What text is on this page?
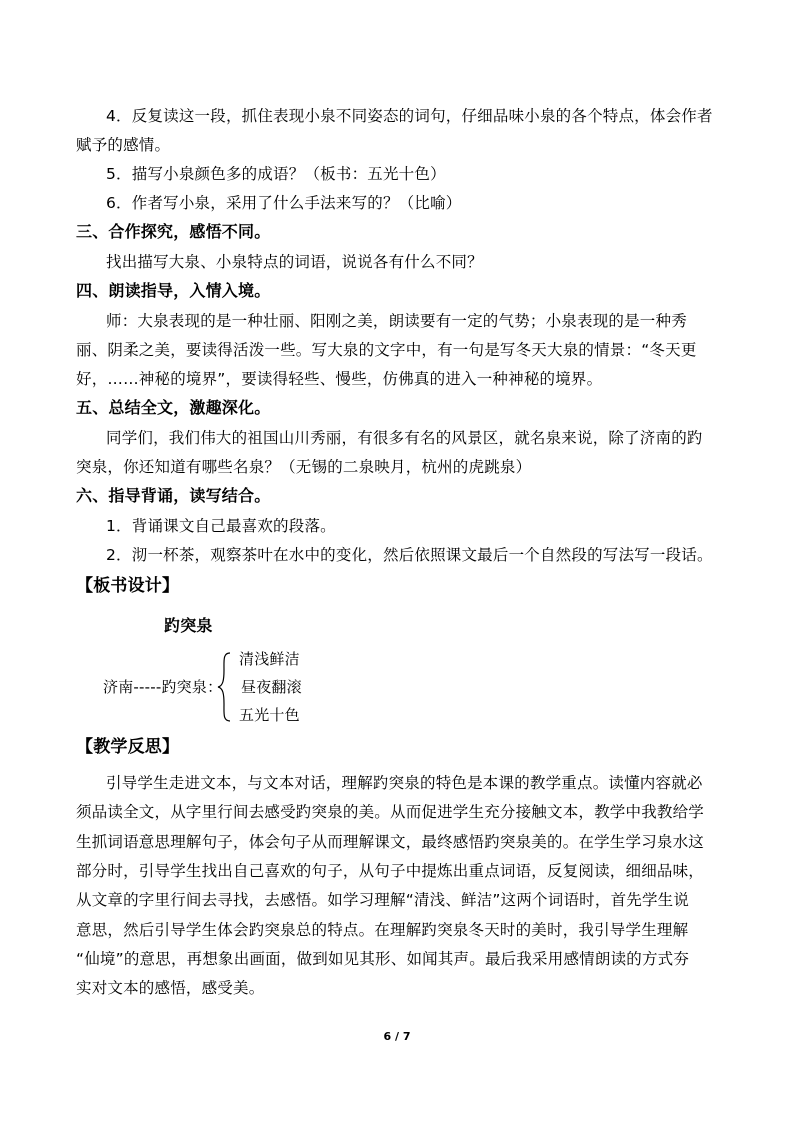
4．反复读这一段，抓住表现小泉不同姿态的词句，仔细品味小泉的各个特点，体会作者
赋予的感情。
5．描写小泉颜色多的成语？（板书：五光十色）
6．作者写小泉，采用了什么手法来写的？（比喻）
三、合作探究，感悟不同。
找出描写大泉、小泉特点的词语，说说各有什么不同？
四、朗读指导，入情入境。
师：大泉表现的是一种壮丽、阳刚之美，朗读要有一定的气势；小泉表现的是一种秀
丽、阴柔之美，要读得活泼一些。写大泉的文字中，有一句是写冬天大泉的情景：“冬天更
好，……神秘的境界”，要读得轻些、慢些，仿佛真的进入一种神秘的境界。
五、总结全文，激趣深化。
同学们，我们伟大的祖国山川秀丽，有很多有名的风景区，就名泉来说，除了济南的趵
突泉，你还知道有哪些名泉？（无锡的二泉映月，杭州的虎跳泉）
六、指导背诵，读写结合。
1．背诵课文自己最喜欢的段落。
2．沏一杯茶，观察茶叶在水中的变化，然后依照课文最后一个自然段的写法写一段话。
【板书设计】
趵突泉
济南-----趵突泉：
清浅鲜洁
昼夜翻滚
五光十色
【教学反思】
引导学生走进文本，与文本对话，理解趵突泉的特色是本课的教学重点。读懂内容就必
须品读全文，从字里行间去感受趵突泉的美。从而促进学生充分接触文本，教学中我教给学
生抓词语意思理解句子，体会句子从而理解课文，最终感悟趵突泉美的。在学生学习泉水这
部分时，引导学生找出自己喜欢的句子，从句子中提炼出重点词语，反复阅读，细细品味，
从文章的字里行间去寻找，去感悟。如学习理解“清浅、鲜洁”这两个词语时，首先学生说
意思，然后引导学生体会趵突泉总的特点。在理解趵突泉冬天时的美时，我引导学生理解
“仙境”的意思，再想象出画面，做到如见其形、如闻其声。最后我采用感情朗读的方式夯
实对文本的感悟，感受美。
6 / 7
